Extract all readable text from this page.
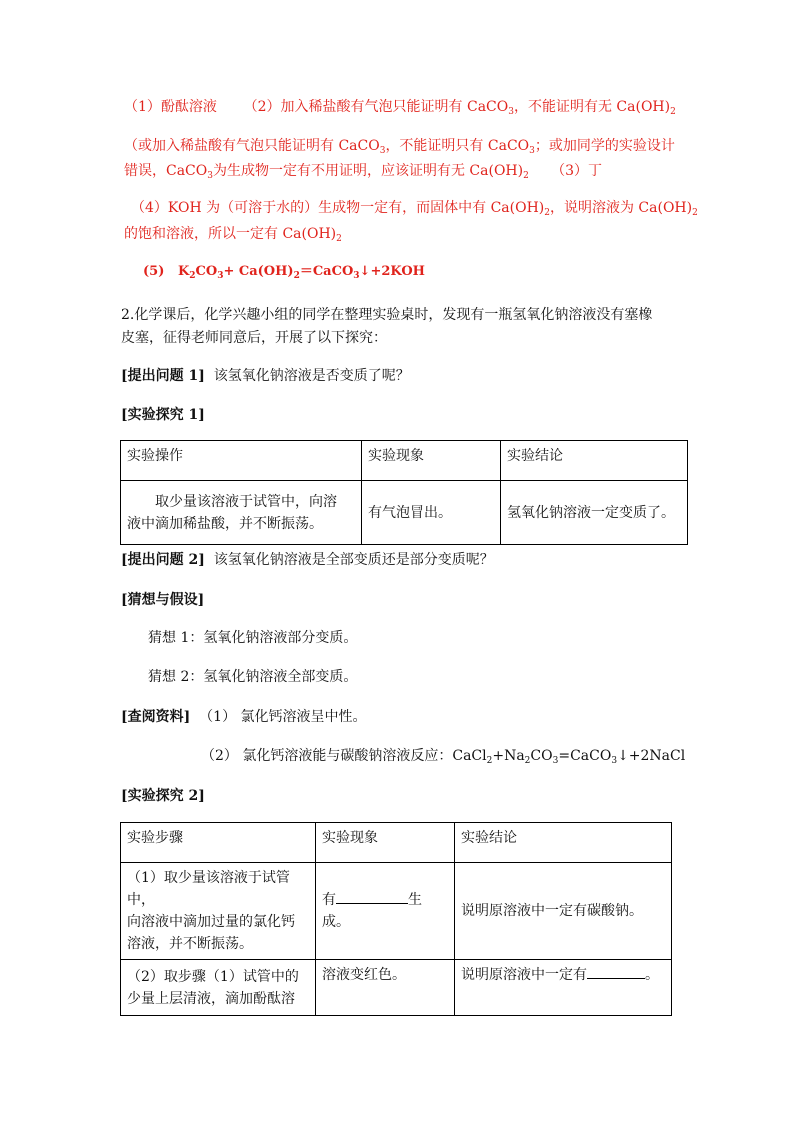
（1）酚酞溶液 （2）加入稀盐酸有气泡只能证明有 CaCO$_3$，不能证明有无 $Ca(OH)_2$
（或加入稀盐酸有气泡只能证明有 CaCO$_3$，不能证明只有 CaCO$_3$；或加同学的实验设计
错误，CaCO$_3$为生成物一定有不用证明，应该证明有无 $Ca(OH)_2$ （3）丁
（4）KOH 为（可溶于水的）生成物一定有，而固体中有 $Ca(OH)_2$，说明溶液为 $Ca(OH)_2$
的饱和溶液，所以一定有 $Ca(OH)_2$
(5) $K_2CO_3+$ $Ca(OH)_2=CaCO_3↓+2KOH$
2.化学课后，化学兴趣小组的同学在整理实验桌时，发现有一瓶氢氧化钠溶液没有塞橡
皮塞，征得老师同意后，开展了以下探究：
[提出问题 1] 该氢氧化钠溶液是否变质了呢？
[实验探究 1]
实验操作	实验现象	实验结论

取少量该溶液于试管中，向溶
液中滴加稀盐酸，并不断振荡。	有气泡冒出。	氢氧化钠溶液一定变质了。
[提出问题 2] 该氢氧化钠溶液是全部变质还是部分变质呢？
[猜想与假设]
猜想 1：氢氧化钠溶液部分变质。
猜想 2：氢氧化钠溶液全部变质。
[查阅资料] （1） 氯化钙溶液呈中性。
（2） 氯化钙溶液能与碳酸钠溶液反应：$CaCl_2+Na_2CO_3=CaCO_3↓+2NaCl$
[实验探究 2]
实验步骤	实验现象	实验结论

（1）取少量该溶液于试管中，
向溶液中滴加过量的氯化钙
溶液，并不断振荡。	有 生成。	说明原溶液中一定有碳酸钠。

（2）取步骤（1）试管中的
少量上层清液，滴加酚酞溶	溶液变红色。	说明原溶液中一定有 。
